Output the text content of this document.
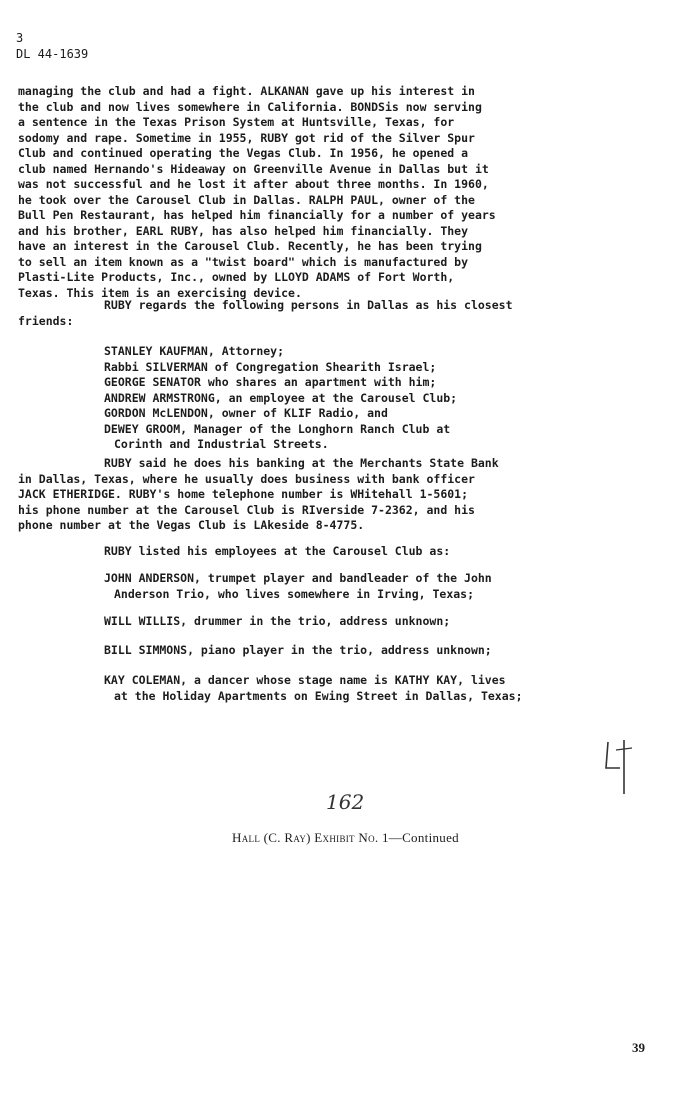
3
DL 44-1639

managing the club and had a fight. ALKANAN gave up his interest in
the club and now lives somewhere in California. BONDSis now serving
a sentence in the Texas Prison System at Huntsville, Texas, for
sodomy and rape. Sometime in 1955, RUBY got rid of the Silver Spur
Club and continued operating the Vegas Club. In 1956, he opened a
club named Hernando's Hideaway on Greenville Avenue in Dallas but it
was not successful and he lost it after about three months. In 1960,
he took over the Carousel Club in Dallas. RALPH PAUL, owner of the
Bull Pen Restaurant, has helped him financially for a number of years
and his brother, EARL RUBY, has also helped him financially. They
have an interest in the Carousel Club. Recently, he has been trying
to sell an item known as a "twist board" which is manufactured by
Plasti-Lite Products, Inc., owned by LLOYD ADAMS of Fort Worth,
Texas. This item is an exercising device.

RUBY regards the following persons in Dallas as his closest
friends:
STANLEY KAUFMAN, Attorney;
Rabbi SILVERMAN of Congregation Shearith Israel;
GEORGE SENATOR who shares an apartment with him;
ANDREW ARMSTRONG, an employee at the Carousel Club;
GORDON McLENDON, owner of KLIF Radio, and
DEWEY GROOM, Manager of the Longhorn Ranch Club at
Corinth and Industrial Streets.
RUBY said he does his banking at the Merchants State Bank
in Dallas, Texas, where he usually does business with bank officer
JACK ETHERIDGE. RUBY's home telephone number is WHitehall 1-5601;
his phone number at the Carousel Club is RIverside 7-2362, and his
phone number at the Vegas Club is LAkeside 8-4775.
RUBY listed his employees at the Carousel Club as:
JOHN ANDERSON, trumpet player and bandleader of the John
Anderson Trio, who lives somewhere in Irving, Texas;
WILL WILLIS, drummer in the trio, address unknown;
BILL SIMMONS, piano player in the trio, address unknown;
KAY COLEMAN, a dancer whose stage name is KATHY KAY, lives
at the Holiday Apartments on Ewing Street in Dallas, Texas;
162
Hall (C. Ray) Exhibit No. 1—Continued
39
